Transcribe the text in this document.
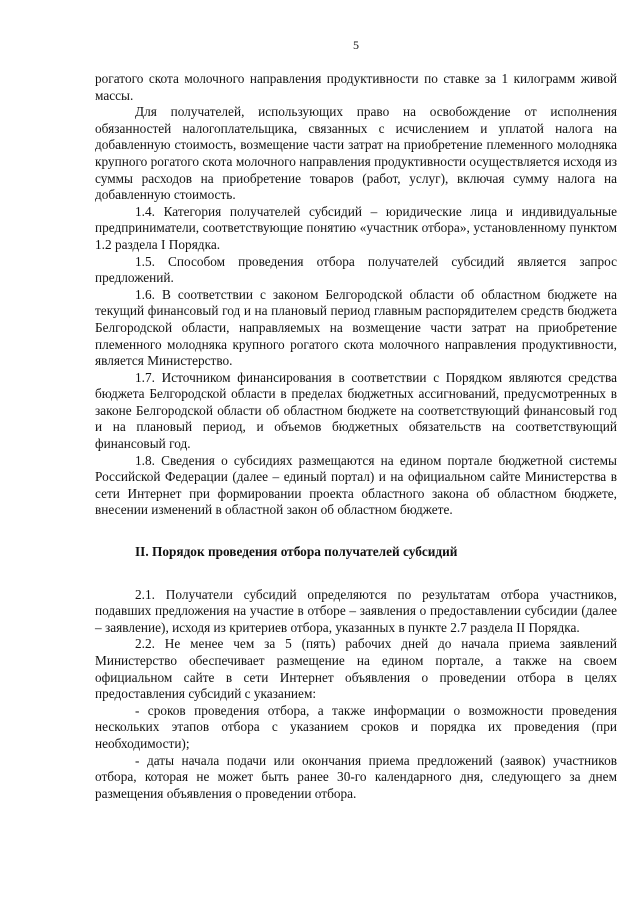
5

рогатого скота молочного направления продуктивности по ставке за 1 килограмм живой массы.

Для получателей, использующих право на освобождение от исполнения обязанностей налогоплательщика, связанных с исчислением и уплатой налога на добавленную стоимость, возмещение части затрат на приобретение племенного молодняка крупного рогатого скота молочного направления продуктивности осуществляется исходя из суммы расходов на приобретение товаров (работ, услуг), включая сумму налога на добавленную стоимость.

1.4. Категория получателей субсидий – юридические лица и индивидуальные предприниматели, соответствующие понятию «участник отбора», установленному пунктом 1.2 раздела I Порядка.

1.5. Способом проведения отбора получателей субсидий является запрос предложений.

1.6. В соответствии с законом Белгородской области об областном бюджете на текущий финансовый год и на плановый период главным распорядителем средств бюджета Белгородской области, направляемых на возмещение части затрат на приобретение племенного молодняка крупного рогатого скота молочного направления продуктивности, является Министерство.

1.7. Источником финансирования в соответствии с Порядком являются средства бюджета Белгородской области в пределах бюджетных ассигнований, предусмотренных в законе Белгородской области об областном бюджете на соответствующий финансовый год и на плановый период, и объемов бюджетных обязательств на соответствующий финансовый год.

1.8. Сведения о субсидиях размещаются на едином портале бюджетной системы Российской Федерации (далее – единый портал) и на официальном сайте Министерства в сети Интернет при формировании проекта областного закона об областном бюджете, внесении изменений в областной закон об областном бюджете.

II. Порядок проведения отбора получателей субсидий

2.1. Получатели субсидий определяются по результатам отбора участников, подавших предложения на участие в отборе – заявления о предоставлении субсидии (далее – заявление), исходя из критериев отбора, указанных в пункте 2.7 раздела II Порядка.

2.2. Не менее чем за 5 (пять) рабочих дней до начала приема заявлений Министерство обеспечивает размещение на едином портале, а также на своем официальном сайте в сети Интернет объявления о проведении отбора в целях предоставления субсидий с указанием:

- сроков проведения отбора, а также информации о возможности проведения нескольких этапов отбора с указанием сроков и порядка их проведения (при необходимости);

- даты начала подачи или окончания приема предложений (заявок) участников отбора, которая не может быть ранее 30-го календарного дня, следующего за днем размещения объявления о проведении отбора.
